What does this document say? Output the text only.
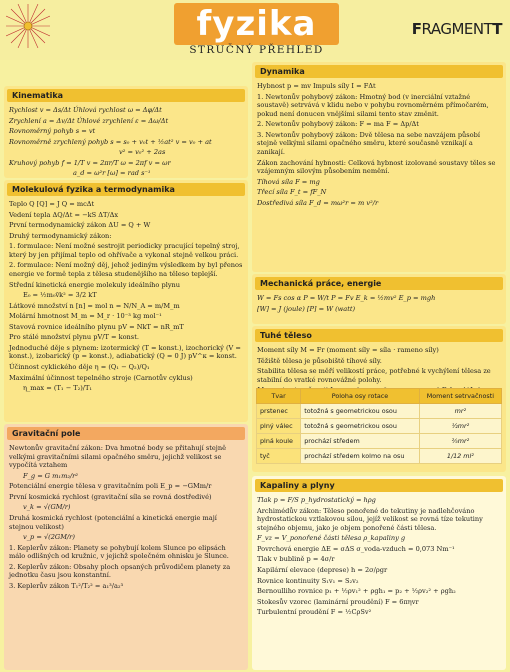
fyzika
STRUČNÝ PŘEHLED
FRAGMENTT
Kinematika
Rychlost v = Δs/Δt Úhlová rychlost ω = Δφ/Δt
Zrychlení a = Δv/Δt Úhlové zrychlení ε = Δω/Δt
Rovnoměrný pohyb s = vt
Rovnoměrně zrychlený pohyb s = s₀ + v₀t + ½at² v = v₀ + at
v² = v₀² + 2as
Kruhový pohyb f = 1/T v = 2πr/T ω = 2πf v = ωr
a_d = ω²r [ω] = rad s⁻¹
Molekulová fyzika a termodynamika
Teplo Q [Q] = J Q = mcΔt
Vedení tepla ΔQ/Δt = −kS ΔT/Δx
První termodynamický zákon ΔU = Q + W
Druhý termodynamický zákon:
1. formulace: Není možné sestrojit periodicky pracující tepelný stroj, který by jen přijímal teplo od ohřívače a vykonal stejně velkou práci.
2. formulace: Není možný děj, jehož jediným výsledkem by byl přenos energie ve formě tepla z tělesa studenějšího na těleso teplejší.
Střední kinetická energie molekuly ideálního plynu
E₀ = ½m₀v̄k² = 3/2 kT
Látkové množství n [n] = mol n = N/N_A = m/M_m
Molární hmotnost M_m = M_r · 10⁻³ kg mol⁻¹
Stavová rovnice ideálního plynu pV = NkT = nR_mT
Pro stálé množství plynu pV/T = konst.
Jednoduché děje s plynem: izotermický (T = konst.), izochorický (V = konst.), izobarický (p = konst.), adiabatický (Q = 0 J) pV^κ = konst.
Účinnost cyklického děje η = (Q₁ − Q₂)/Q₁
Maximální účinnost tepelného stroje (Carnotův cyklus)
η_max = (T₁ − T₂)/T₁
Gravitační pole
Newtonův gravitační zákon: Dva hmotné body se přitahují stejně velkými gravitačními silami opačného směru, jejichž velikost se vypočítá vztahem
F_g = G m₁m₂/r²
Potenciální energie tělesa v gravitačním poli E_p = −GMm/r
První kosmická rychlost (gravitační síla se rovná dostředivé)
v_k = √(GM/r)
Druhá kosmická rychlost (potenciální a kinetická energie mají stejnou velikost)
v_p = √(2GM/r)
1. Keplerův zákon: Planety se pohybují kolem Slunce po elipsách málo odlišných od kružnic, v jejichž společném ohnisku je Slunce.
2. Keplerův zákon: Obsahy ploch opsaných průvodičem planety za jednotku času jsou konstantní.
3. Keplerův zákon T₁²/T₂² = a₁³/a₂³
Dynamika
Hybnost p = mv Impuls síly I = FΔt
1. Newtonův pohybový zákon: Hmotný bod (v inerciální vztažné soustavě) setrvává v klidu nebo v pohybu rovnoměrném přímočarém, pokud není donucen vnějšími silami tento stav změnit.
2. Newtonův pohybový zákon: F = ma F = Δp/Δt
3. Newtonův pohybový zákon: Dvě tělesa na sebe navzájem působí stejně velkými silami opačného směru, které současně vznikají a zanikají.
Zákon zachování hybnosti: Celková hybnost izolované soustavy těles se vzájemným silovým působením nemění.
Tíhová síla F = mg
Třecí síla F_t = fF_N
Dostředivá síla F_d = mω²r = m v²/r
Mechanická práce, energie
W = Fs cos α P = W/t P = Fv E_k = ½mv² E_p = mgh
[W] = J (joule) [P] = W (watt)
Tuhé těleso
Moment síly M = Fr (moment síly = síla · rameno síly)
Těžiště tělesa je působiště tíhové síly.
Stabilita tělesa se měří velikostí práce, potřebné k vychýlení tělesa ze stabilní do vratké rovnovážné polohy.
Tvar	Poloha osy rotace	Moment setrvačnosti
prstenec	totožná s geometrickou osou	mr²
plný válec	totožná s geometrickou osou	½mr²
plná koule	prochází středem	⅖mr²
tyč	prochází středem kolmo na osu	1/12 ml²
Kapaliny a plyny
Tlak p = F/S p_hydrostatický = hρg
Archimédův zákon: Těleso ponořené do tekutiny je nadlehčováno hydrostatickou vztlakovou silou, jejíž velikost se rovná tíze tekutiny stejného objemu, jako je objem ponořené části tělesa.
F_vz = V_ponořené části tělesa ρ_kapaliny g
Povrchová energie ΔE = σΔS σ_voda-vzduch = 0,073 Nm⁻¹
Tlak v bublině p = 4σ/r
Kapilární elevace (deprese) h = 2σ/ρgr
Rovnice kontinuity S₁v₁ = S₂v₂
Bernoulliho rovnice p₁ + ½ρv₁² + ρgh₁ = p₂ + ½ρv₂² + ρgh₂
Stokesův vzorec (laminární proudění) F = 6πηvr
Turbulentní proudění F = ½CρSv²
